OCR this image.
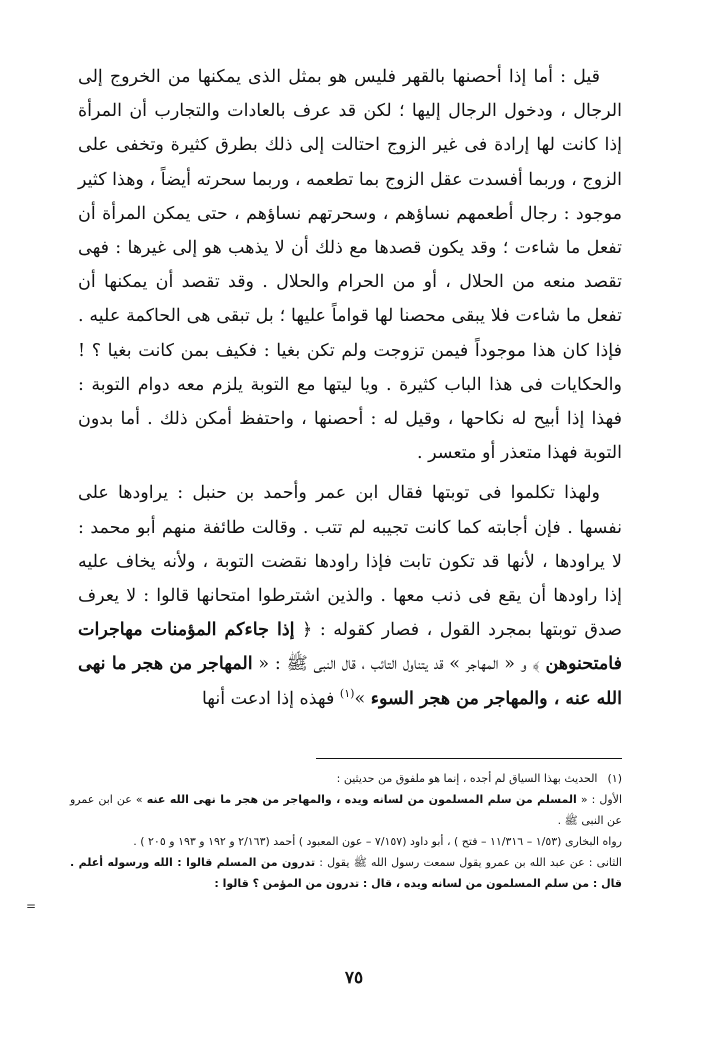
قيل : أما إذا أحصنها بالقهر فليس هو بمثل الذى يمكنها من الخروج إلى الرجال ، ودخول الرجال إليها ؛ لكن قد عرف بالعادات والتجارب أن المرأة إذا كانت لها إرادة فى غير الزوج احتالت إلى ذلك بطرق كثيرة وتخفى على الزوج ، وربما أفسدت عقل الزوج بما تطعمه ، وربما سحرته أيضاً ، وهذا كثير موجود : رجال أطعمهم نساؤهم ، وسحرتهم نساؤهم ، حتى يمكن المرأة أن تفعل ما شاءت ؛ وقد يكون قصدها مع ذلك أن لا يذهب هو إلى غيرها : فهى تقصد منعه من الحلال ، أو من الحرام والحلال . وقد تقصد أن يمكنها أن تفعل ما شاءت فلا يبقى محصنا لها قواماً عليها ؛ بل تبقى هى الحاكمة عليه . فإذا كان هذا موجوداً فيمن تزوجت ولم تكن بغيا : فكيف بمن كانت بغيا ؟ ! والحكايات فى هذا الباب كثيرة . ويا ليتها مع التوبة يلزم معه دوام التوبة : فهذا إذا أبيح له نكاحها ، وقيل له : أحصنها ، واحتفظ أمكن ذلك . أما بدون التوبة فهذا متعذر أو متعسر .

ولهذا تكلموا فى توبتها فقال ابن عمر وأحمد بن حنبل : يراودها على نفسها . فإن أجابته كما كانت تجيبه لم تتب . وقالت طائفة منهم أبو محمد : لا يراودها ، لأنها قد تكون تابت فإذا راودها نقضت التوبة ، ولأنه يخاف عليه إذا راودها أن يقع فى ذنب معها . والذين اشترطوا امتحانها قالوا : لا يعرف صدق توبتها بمجرد القول ، فصار كقوله : ﴿ إذا جاءكم المؤمنات مهاجرات فامتحنوهن ﴾ و « المهاجر » قد يتناول التائب ، قال النبى ﷺ : « المهاجر من هجر ما نهى الله عنه ، والمهاجر من هجر السوء »$^{(١)}$ فهذه إذا ادعت أنها

(١)الحديث بهذا السياق لم أجده ، إنما هو ملفوق من حديثين :

الأول : « المسلم من سلم المسلمون من لسانه ويده ، والمهاجر من هجر ما نهى الله عنه » عن ابن عمرو عن النبى ﷺ .

رواه البخارى (١/٥٣ – ١١/٣١٦ – فتح ) ، أبو داود (٧/١٥٧ – عون المعبود ) أحمد (٢/١٦٣ و ١٩٢ و ١٩٣ و ٢٠٥ ) .

الثانى : عن عبد الله بن عمرو يقول سمعت رسول الله ﷺ يقول : تدرون من المسلم قالوا : الله ورسوله أعلم . قال : من سلم المسلمون من لسانه ويده ، قال : تدرون من المؤمن ؟ قالوا :

=
٧٥
